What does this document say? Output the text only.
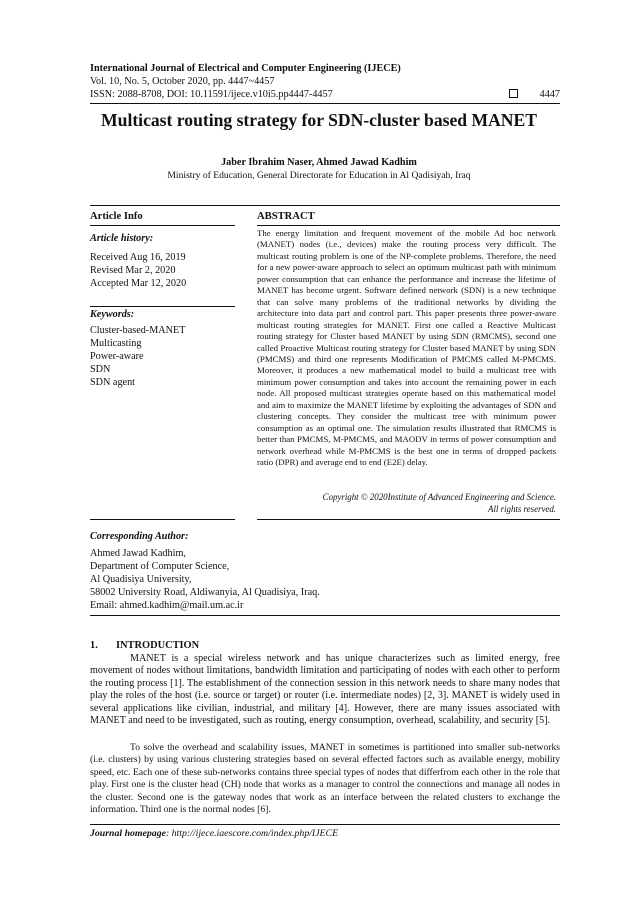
International Journal of Electrical and Computer Engineering (IJECE)
Vol. 10, No. 5, October 2020, pp. 4447~4457
ISSN: 2088-8708, DOI: 10.11591/ijece.v10i5.pp4447-4457	4447
Multicast routing strategy for SDN-cluster based MANET
Jaber Ibrahim Naser, Ahmed Jawad Kadhim
Ministry of Education, General Directorate for Education in Al Qadisiyah, Iraq
Article Info
Article history:
Received Aug 16, 2019
Revised Mar 2, 2020
Accepted Mar 12, 2020
Keywords:
Cluster-based-MANET
Multicasting
Power-aware
SDN
SDN agent
ABSTRACT
The energy limitation and frequent movement of the mobile Ad hoc network (MANET) nodes (i.e., devices) make the routing process very difficult. The multicast routing problem is one of the NP-complete problems. Therefore, the need for a new power-aware approach to select an optimum multicast path with minimum power consumption that can enhance the performance and increase the lifetime of MANET has become urgent. Software defined network (SDN) is a new technique that can solve many problems of the traditional networks by dividing the architecture into data part and control part. This paper presents three power-aware multicast routing strategies for MANET. First one called a Reactive Multicast routing strategy for Cluster based MANET by using SDN (RMCMS), second one called Proactive Multicast routing strategy for Cluster based MANET by using SDN (PMCMS) and third one represents Modification of PMCMS called M-PMCMS. Moreover, it produces a new mathematical model to build a multicast tree with minimum power consumption and takes into account the remaining power in each node. All proposed multicast strategies operate based on this mathematical model and aim to maximize the MANET lifetime by exploiting the advantages of SDN and clustering concepts. They consider the multicast tree with minimum power consumption as an optimal one. The simulation results illustrated that RMCMS is better than PMCMS, M-PMCMS, and MAODV in terms of power consumption and network overhead while M-PMCMS is the best one in terms of dropped packets ratio (DPR) and average end to end (E2E) delay.
Copyright © 2020Institute of Advanced Engineering and Science.
All rights reserved.
Corresponding Author:
Ahmed Jawad Kadhim,
Department of Computer Science,
Al Quadisiya University,
58002 University Road, Aldiwanyia, Al Quadisiya, Iraq.
Email: ahmed.kadhim@mail.um.ac.ir
1. INTRODUCTION
MANET is a special wireless network and has unique characterizes such as limited energy, free movement of nodes without limitations, bandwidth limitation and participating of nodes with each other to perform the routing process [1]. The establishment of the connection session in this network needs to share many nodes that play the roles of the host (i.e. source or target) or router (i.e. intermediate nodes) [2, 3]. MANET is widely used in several applications like civilian, industrial, and military [4]. However, there are many issues associated with MANET and need to be investigated, such as routing, energy consumption, overhead, scalability, and security [5].
To solve the overhead and scalability issues, MANET in sometimes is partitioned into smaller sub-networks (i.e. clusters) by using various clustering strategies based on several effected factors such as available energy, mobility speed, etc. Each one of these sub-networks contains three special types of nodes that differfrom each other in the role that play. First one is the cluster head (CH) node that works as a manager to control the connections and manage all nodes in the cluster. Second one is the gateway nodes that work as an interface between the related clusters to exchange the information. Third one is the normal nodes [6].
Journal homepage: http://ijece.iaescore.com/index.php/IJECE
